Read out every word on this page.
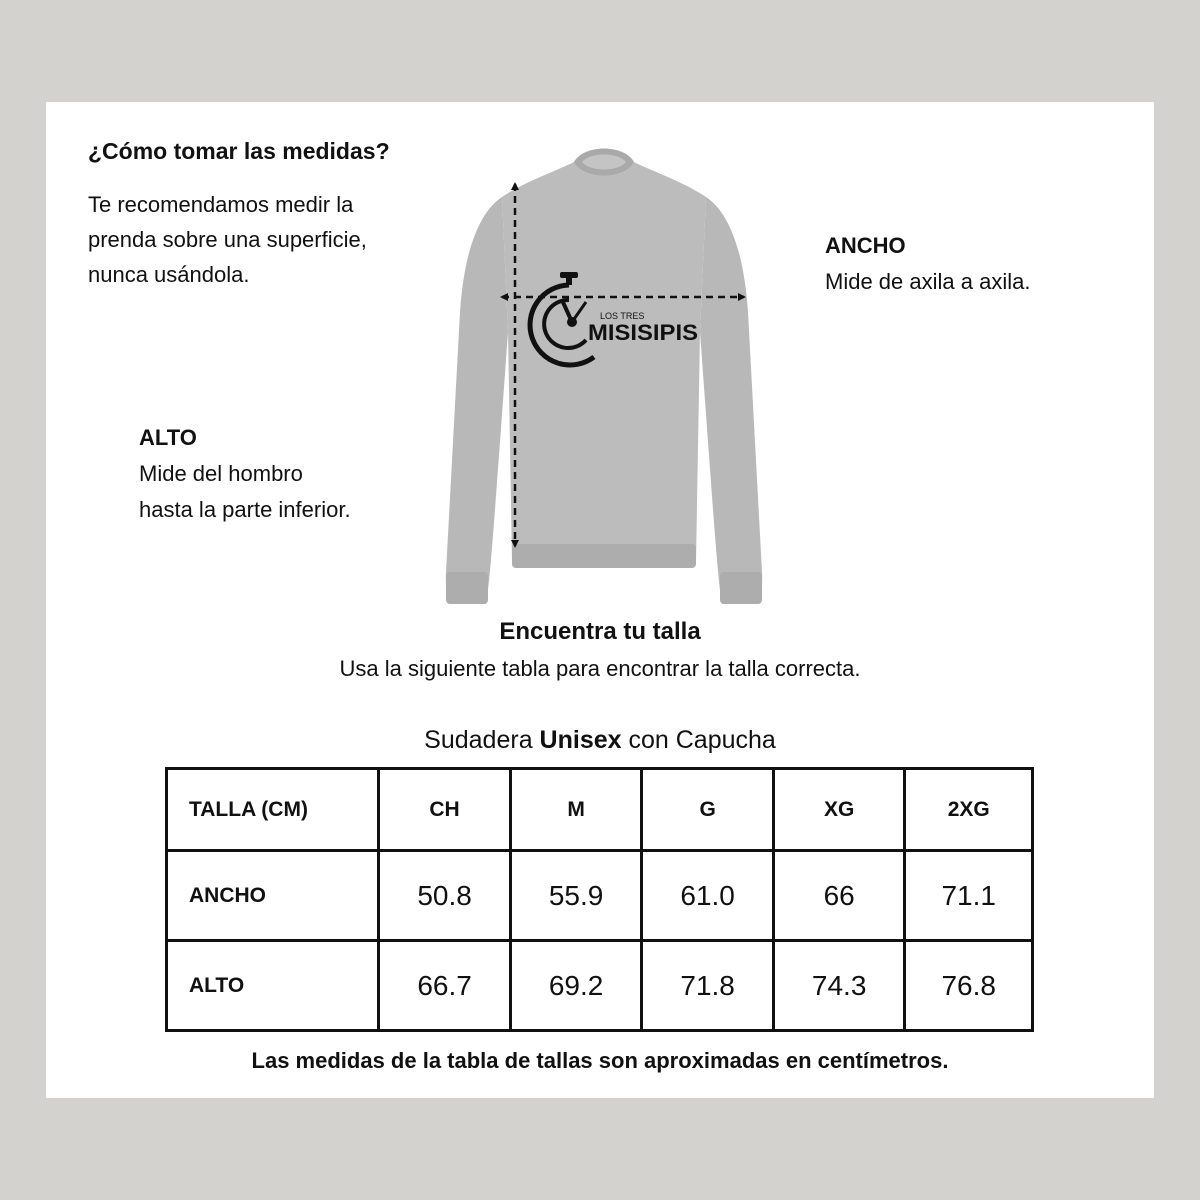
¿Cómo tomar las medidas?
Te recomendamos medir la
prenda sobre una superficie,
nunca usándola.
ANCHO
Mide de axila a axila.
ALTO
Mide del hombro
hasta la parte inferior.
LOS TRES
MISISIPIS
Encuentra tu talla
Usa la siguiente tabla para encontrar la talla correcta.
Sudadera Unisex con Capucha
TALLA (CM)	CH	M	G	XG	2XG
ANCHO	50.8	55.9	61.0	66	71.1
ALTO	66.7	69.2	71.8	74.3	76.8
Las medidas de la tabla de tallas son aproximadas en centímetros.
